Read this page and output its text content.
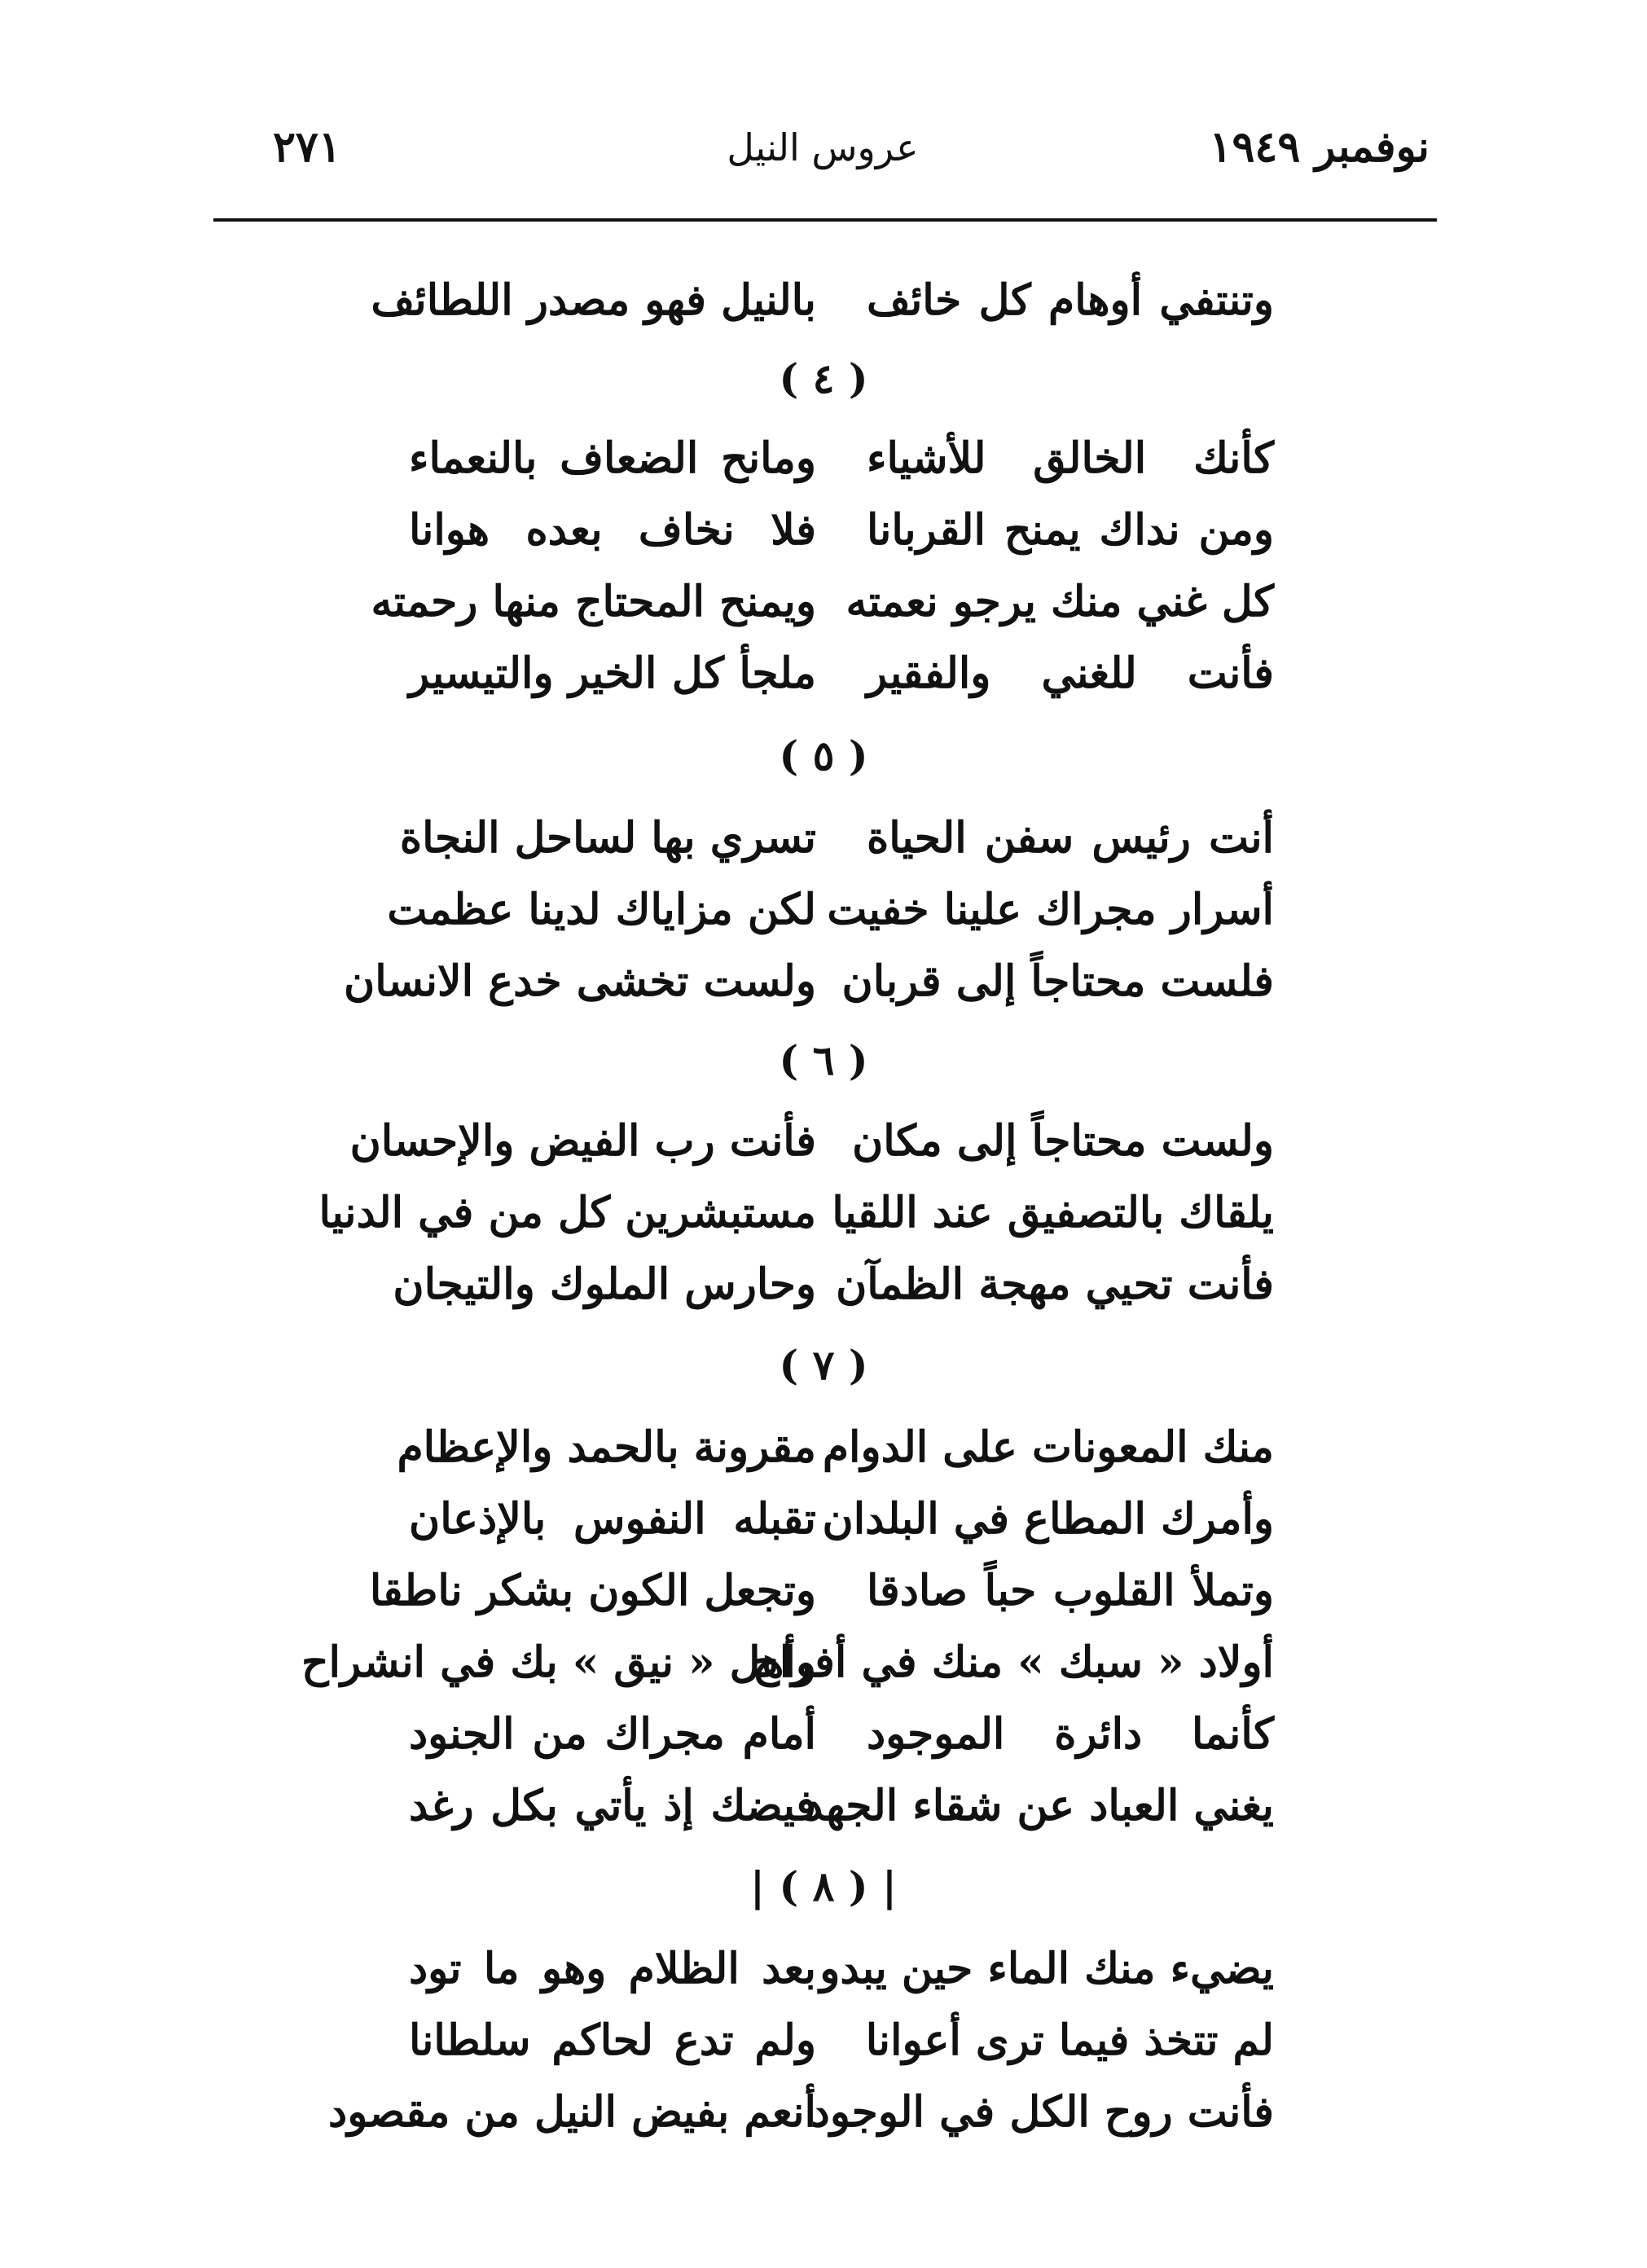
نوفمبر ١٩٤٩
عروس النيل
٢٧١
وتنتفي أوهام كل خائف
بالنيل فهو مصدر اللطائف
( ٤ )
كأنك الخالق للأشياء
ومانح الضعاف بالنعماء
ومن نداك يمنح القربانا
فلا نخاف بعده هوانا
كل غني منك يرجو نعمته
ويمنح المحتاج منها رحمته
فأنت للغني والفقير
ملجأ كل الخير والتيسير
( ٥ )
أنت رئيس سفن الحياة
تسري بها لساحل النجاة
أسرار مجراك علينا خفيت
لكن مزاياك لدينا عظمت
فلست محتاجاً إلى قربان
ولست تخشى خدع الانسان
( ٦ )
ولست محتاجاً إلى مكان
فأنت رب الفيض والإحسان
يلقاك بالتصفيق عند اللقيا
مستبشرين كل من في الدنيا
فأنت تحيي مهجة الظمآن
وحارس الملوك والتيجان
( ٧ )
منك المعونات على الدوام
مقرونة بالحمد والإعظام
وأمرك المطاع في البلدان
تقبله النفوس بالإذعان
وتملأ القلوب حباً صادقا
وتجعل الكون بشكر ناطقا
أولاد « سبك » منك في أفراح
وأهل « نيق » بك في انشراح
كأنما دائرة الموجود
أمام مجراك من الجنود
يغني العباد عن شقاء الجهد
فيضك إذ يأتي بكل رغد
| ( ٨ ) |
يضيء منك الماء حين يبدو
بعد الظلام وهو ما تود
لم تتخذ فيما ترى أعوانا
ولم تدع لحاكم سلطانا
فأنت روح الكل في الوجود
أنعم بفيض النيل من مقصود
